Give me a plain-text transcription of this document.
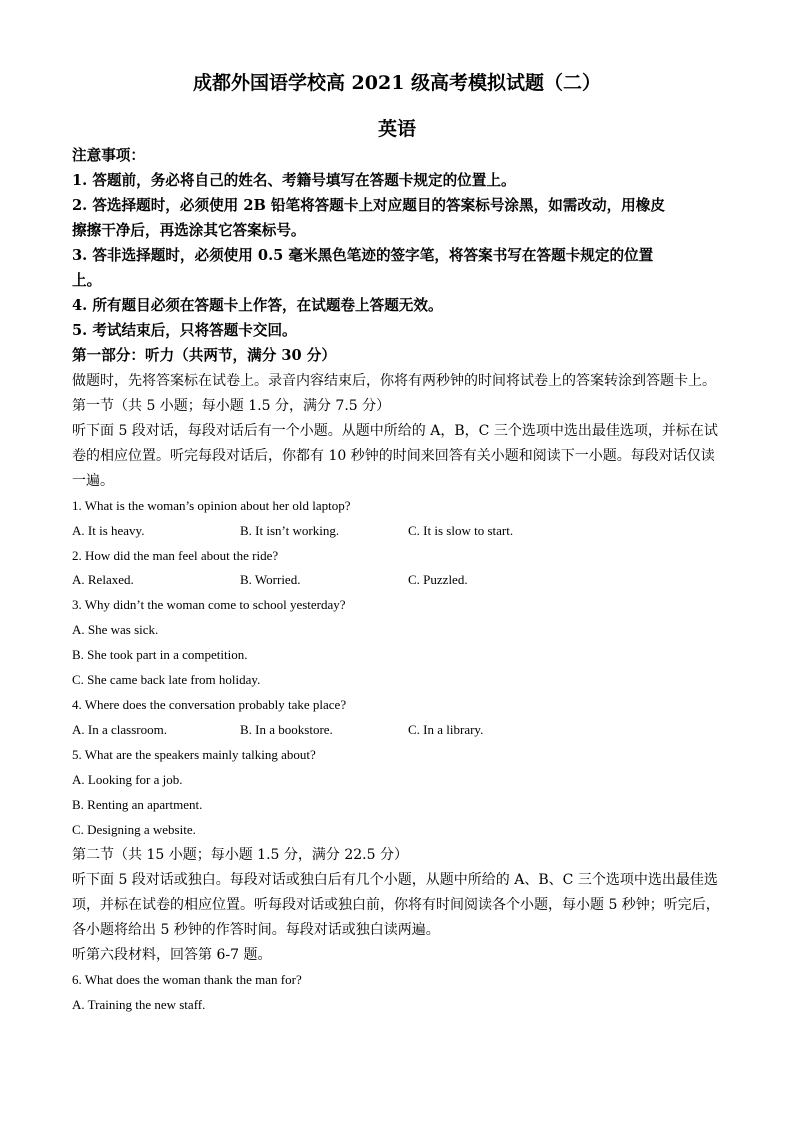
成都外国语学校高 2021 级高考模拟试题（二）
英语
注意事项：
1. 答题前，务必将自己的姓名、考籍号填写在答题卡规定的位置上。
2. 答选择题时，必须使用 2B 铅笔将答题卡上对应题目的答案标号涂黑，如需改动，用橡皮
擦擦干净后，再选涂其它答案标号。
3. 答非选择题时，必须使用 0.5 毫米黑色笔迹的签字笔，将答案书写在答题卡规定的位置
上。
4. 所有题目必须在答题卡上作答，在试题卷上答题无效。
5. 考试结束后，只将答题卡交回。
第一部分：听力（共两节，满分 30 分）
做题时，先将答案标在试卷上。录音内容结束后，你将有两秒钟的时间将试卷上的答案转涂到答题卡上。
第一节（共 5 小题；每小题 1.5 分，满分 7.5 分）
听下面 5 段对话，每段对话后有一个小题。从题中所给的 A，B，C 三个选项中选出最佳选项，并标在试
卷的相应位置。听完每段对话后，你都有 10 秒钟的时间来回答有关小题和阅读下一小题。每段对话仅读
一遍。
1. What is the woman’s opinion about her old laptop?
A. It is heavy.	B. It isn’t working.	C. It is slow to start.
2. How did the man feel about the ride?
A. Relaxed.	B. Worried.	C. Puzzled.
3. Why didn’t the woman come to school yesterday?
A. She was sick.
B. She took part in a competition.
C. She came back late from holiday.
4. Where does the conversation probably take place?
A. In a classroom.	B. In a bookstore.	C. In a library.
5. What are the speakers mainly talking about?
A. Looking for a job.
B. Renting an apartment.
C. Designing a website.
第二节（共 15 小题；每小题 1.5 分，满分 22.5 分）
听下面 5 段对话或独白。每段对话或独白后有几个小题，从题中所给的 A、B、C 三个选项中选出最佳选
项，并标在试卷的相应位置。听每段对话或独白前，你将有时间阅读各个小题，每小题 5 秒钟；听完后，
各小题将给出 5 秒钟的作答时间。每段对话或独白读两遍。
听第六段材料，回答第 6-7 题。
6. What does the woman thank the man for?
A. Training the new staff.
